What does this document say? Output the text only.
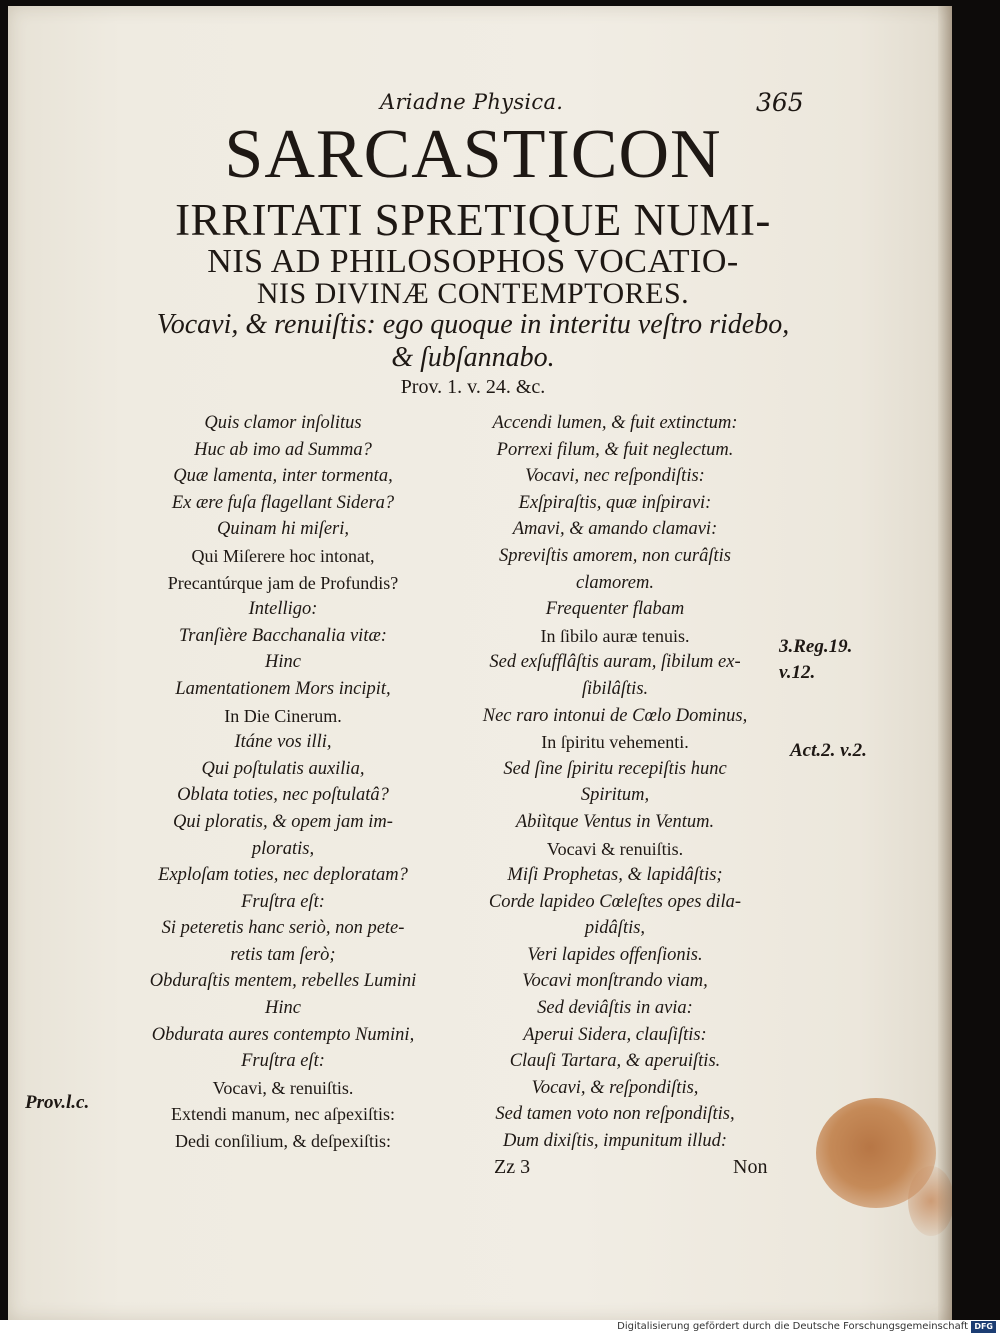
Ariadne Physica.	365
SARCASTICON
IRRITATI SPRETIQUE NUMI-
NIS AD PHILOSOPHOS VOCATIO-
NIS DIVINÆ CONTEMPTORES.
Vocavi, & renuiſtis: ego quoque in interitu veſtro ridebo,
& ſubſannabo.
Prov. 1. v. 24. &c.
Quis clamor inſolitus
Huc ab imo ad Summa?
Quæ lamenta, inter tormenta,
Ex ære fuſa flagellant Sidera?
Quinam hi miſeri,
Qui Miſerere hoc intonat,
Precantúrque jam de Profundis?
Intelligo:
Tranſière Bacchanalia vitæ:
Hinc
Lamentationem Mors incipit,
In Die Cinerum.
Itáne vos illi,
Qui poſtulatis auxilia,
Oblata toties, nec poſtulatâ?
Qui ploratis, & opem jam im-
ploratis,
Exploſam toties, nec deploratam?
Fruſtra eſt:
Si peteretis hanc seriò, non pete-
retis tam ſerò;
Obduraſtis mentem, rebelles Lumini
Hinc
Obdurata aures contempto Numini,
Fruſtra eſt:
Vocavi, & renuiſtis.
Extendi manum, nec aſpexiſtis:
Dedi conſilium, & deſpexiſtis:
Accendi lumen, & fuit extinctum:
Porrexi filum, & fuit neglectum.
Vocavi, nec reſpondiſtis:
Exſpiraſtis, quæ inſpiravi:
Amavi, & amando clamavi:
Spreviſtis amorem, non curâſtis
clamorem.
Frequenter flabam
In ſibilo auræ tenuis.
Sed exſufflâſtis auram, ſibilum ex-
ſibilâſtis.
Nec raro intonui de Cœlo Dominus,
In ſpiritu vehementi.
Sed ſine ſpiritu recepiſtis hunc
Spiritum,
Abiìtque Ventus in Ventum.
Vocavi & renuiſtis.
Miſi Prophetas, & lapidâſtis;
Corde lapideo Cœleſtes opes dila-
pidâſtis,
Veri lapides offenſionis.
Vocavi monſtrando viam,
Sed deviâſtis in avia:
Aperui Sidera, clauſiſtis:
Clauſi Tartara, & aperuiſtis.
Vocavi, & reſpondiſtis,
Sed tamen voto non reſpondiſtis,
Dum dixiſtis, impunitum illud:
3.Reg.19.
v.12.
Act.2. v.2.
Prov.l.c.
Zz 3	Non
Digitalisierung gefördert durch die Deutsche Forschungsgemeinschaft DFG
